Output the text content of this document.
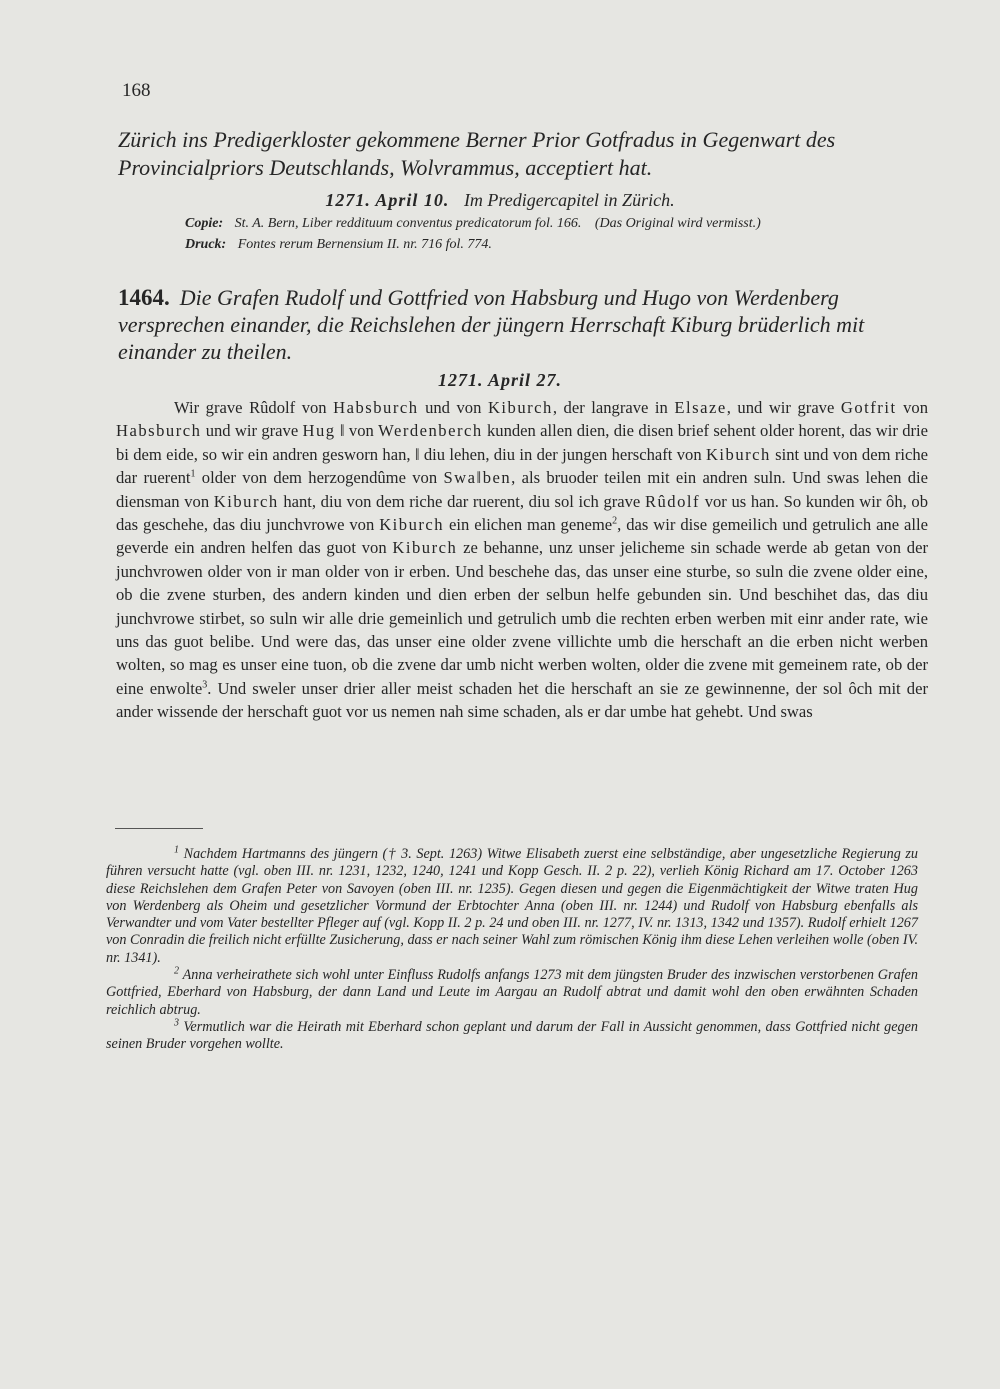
168
Zürich ins Predigerkloster gekommene Berner Prior Gotfradus in Gegenwart des Provincialpriors Deutschlands, Wolvrammus, acceptiert hat.
1271. April 10. Im Predigercapitel in Zürich.
Copie: St. A. Bern, Liber reddituum conventus predicatorum fol. 166. (Das Original wird vermisst.)
Druck: Fontes rerum Bernensium II. nr. 716 fol. 774.
1464. Die Grafen Rudolf und Gottfried von Habsburg und Hugo von Werdenberg versprechen einander, die Reichslehen der jüngern Herrschaft Kiburg brüderlich mit einander zu theilen.
1271. April 27.
Wir grave Rûdolf von Habsburch und von Kiburch, der langrave in Elsaze, und wir grave Gotfrit von Habsburch und wir grave Hug ‖ von Werdenberch kunden allen dien, die disen brief sehent older horent, das wir drie bi dem eide, so wir ein andren gesworn han, ‖ diu lehen, diu in der jungen herschaft von Kiburch sint und von dem riche dar ruerent$^1$ older von dem herzogendûme von Swa‖ben, als bruoder teilen mit ein andren suln. Und swas lehen die diensman von Kiburch hant, diu von dem riche dar ruerent, diu sol ich grave Rûdolf vor us han. So kunden wir ôh, ob das geschehe, das diu junchvrowe von Kiburch ein elichen man geneme$^2$, das wir dise gemeilich und getrulich ane alle geverde ein andren helfen das guot von Kiburch ze behanne, unz unser jelicheme sin schade werde ab getan von der junchvrowen older von ir man older von ir erben. Und beschehe das, das unser eine sturbe, so suln die zvene older eine, ob die zvene sturben, des andern kinden und dien erben der selbun helfe gebunden sin. Und beschihet das, das diu junchvrowe stirbet, so suln wir alle drie gemeinlich und getrulich umb die rechten erben werben mit einr ander rate, wie uns das guot belibe. Und were das, das unser eine older zvene villichte umb die herschaft an die erben nicht werben wolten, so mag es unser eine tuon, ob die zvene dar umb nicht werben wolten, older die zvene mit gemeinem rate, ob der eine enwolte$^3$. Und sweler unser drier aller meist schaden het die herschaft an sie ze gewinnenne, der sol ôch mit der ander wissende der herschaft guot vor us nemen nah sime schaden, als er dar umbe hat gehebt. Und swas

$^1$ Nachdem Hartmanns des jüngern († 3. Sept. 1263) Witwe Elisabeth zuerst eine selbständige, aber ungesetzliche Regierung zu führen versucht hatte (vgl. oben III. nr. 1231, 1232, 1240, 1241 und Kopp Gesch. II. 2 p. 22), verlieh König Richard am 17. October 1263 diese Reichslehen dem Grafen Peter von Savoyen (oben III. nr. 1235). Gegen diesen und gegen die Eigenmächtigkeit der Witwe traten Hug von Werdenberg als Oheim und gesetzlicher Vormund der Erbtochter Anna (oben III. nr. 1244) und Rudolf von Habsburg ebenfalls als Verwandter und vom Vater bestellter Pfleger auf (vgl. Kopp II. 2 p. 24 und oben III. nr. 1277, IV. nr. 1313, 1342 und 1357). Rudolf erhielt 1267 von Conradin die freilich nicht erfüllte Zusicherung, dass er nach seiner Wahl zum römischen König ihm diese Lehen verleihen wolle (oben IV. nr. 1341).

$^2$ Anna verheirathete sich wohl unter Einfluss Rudolfs anfangs 1273 mit dem jüngsten Bruder des inzwischen verstorbenen Grafen Gottfried, Eberhard von Habsburg, der dann Land und Leute im Aargau an Rudolf abtrat und damit wohl den oben erwähnten Schaden reichlich abtrug.

$^3$ Vermutlich war die Heirath mit Eberhard schon geplant und darum der Fall in Aussicht genommen, dass Gottfried nicht gegen seinen Bruder vorgehen wollte.
